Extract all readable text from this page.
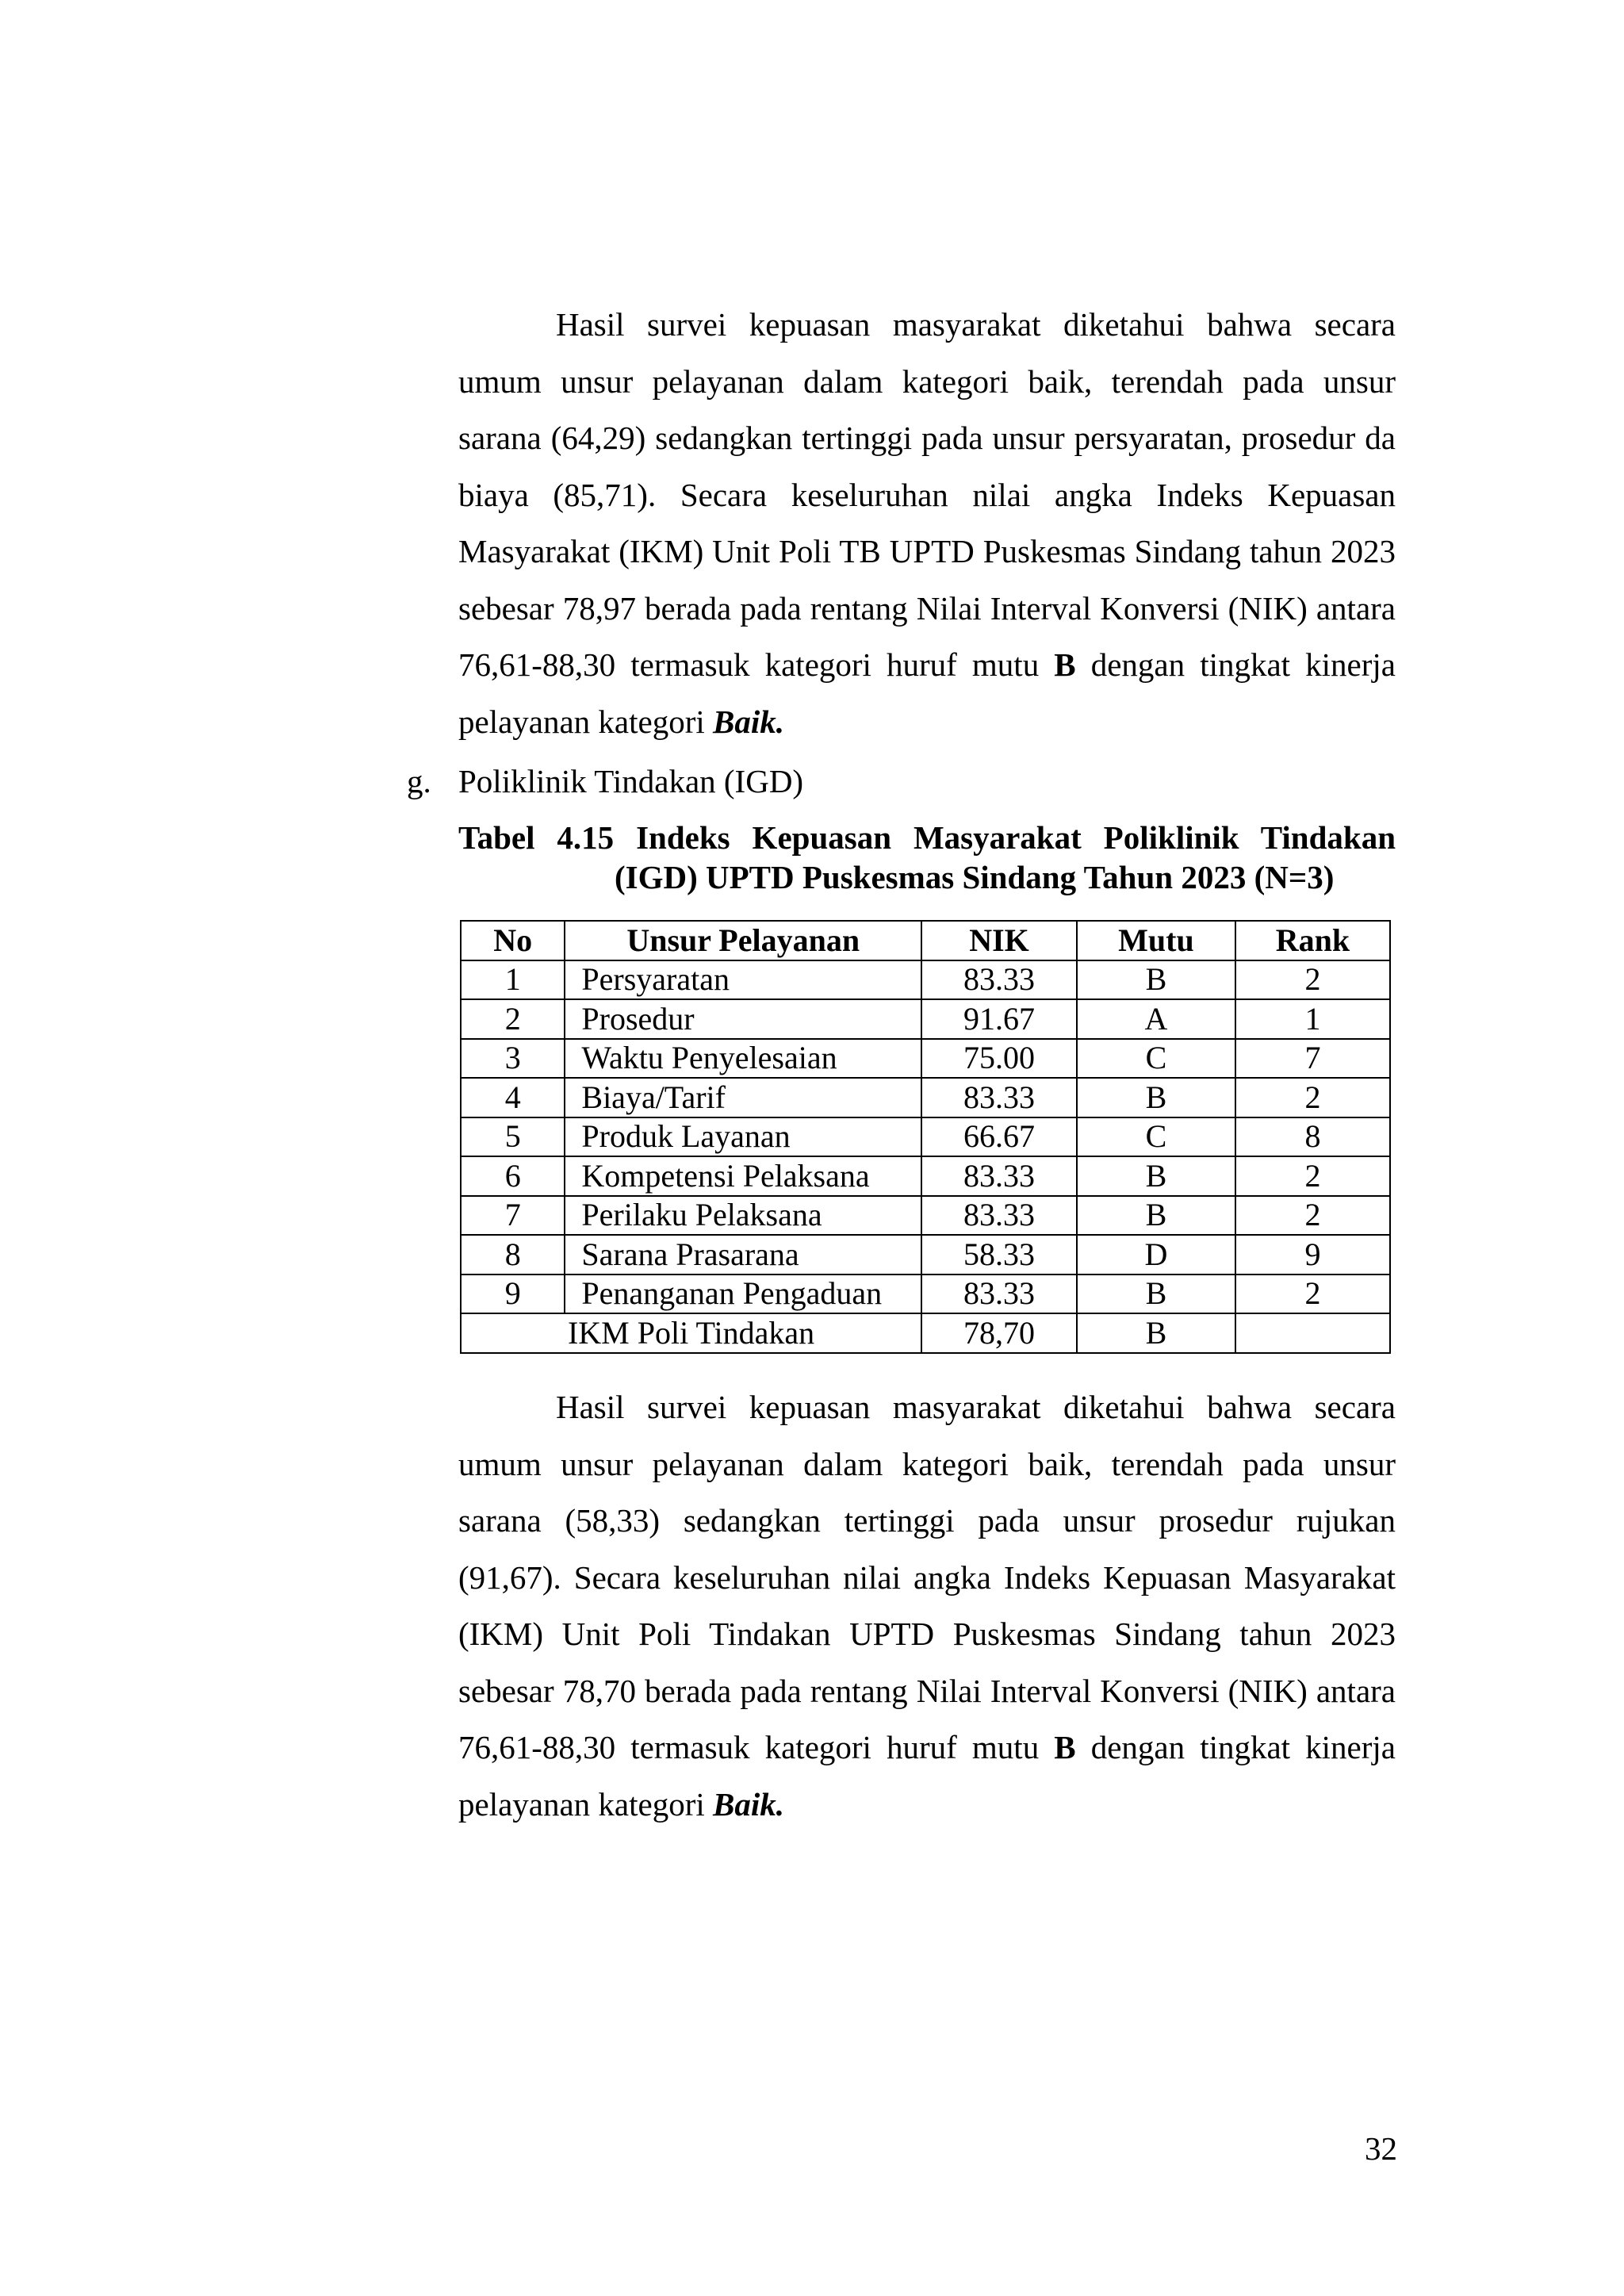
Hasil survei kepuasan masyarakat diketahui bahwa secara umum unsur pelayanan dalam kategori baik, terendah pada unsur sarana (64,29) sedangkan tertinggi pada unsur persyaratan, prosedur da biaya (85,71). Secara keseluruhan nilai angka Indeks Kepuasan Masyarakat (IKM) Unit Poli TB UPTD Puskesmas Sindang tahun 2023 sebesar 78,97 berada pada rentang Nilai Interval Konversi (NIK) antara 76,61-88,30 termasuk kategori huruf mutu B dengan tingkat kinerja pelayanan kategori Baik.

g. Poliklinik Tindakan (IGD)

Tabel 4.15 Indeks Kepuasan Masyarakat Poliklinik Tindakan
(IGD) UPTD Puskesmas Sindang Tahun 2023 (N=3)

No	Unsur Pelayanan	NIK	Mutu	Rank
1	Persyaratan	83.33	B	2
2	Prosedur	91.67	A	1
3	Waktu Penyelesaian	75.00	C	7
4	Biaya/Tarif	83.33	B	2
5	Produk Layanan	66.67	C	8
6	Kompetensi Pelaksana	83.33	B	2
7	Perilaku Pelaksana	83.33	B	2
8	Sarana Prasarana	58.33	D	9
9	Penanganan Pengaduan	83.33	B	2
IKM Poli Tindakan		78,70	B	

Hasil survei kepuasan masyarakat diketahui bahwa secara umum unsur pelayanan dalam kategori baik, terendah pada unsur sarana (58,33) sedangkan tertinggi pada unsur prosedur rujukan (91,67). Secara keseluruhan nilai angka Indeks Kepuasan Masyarakat (IKM) Unit Poli Tindakan UPTD Puskesmas Sindang tahun 2023 sebesar 78,70 berada pada rentang Nilai Interval Konversi (NIK) antara 76,61-88,30 termasuk kategori huruf mutu B dengan tingkat kinerja pelayanan kategori Baik.

32
